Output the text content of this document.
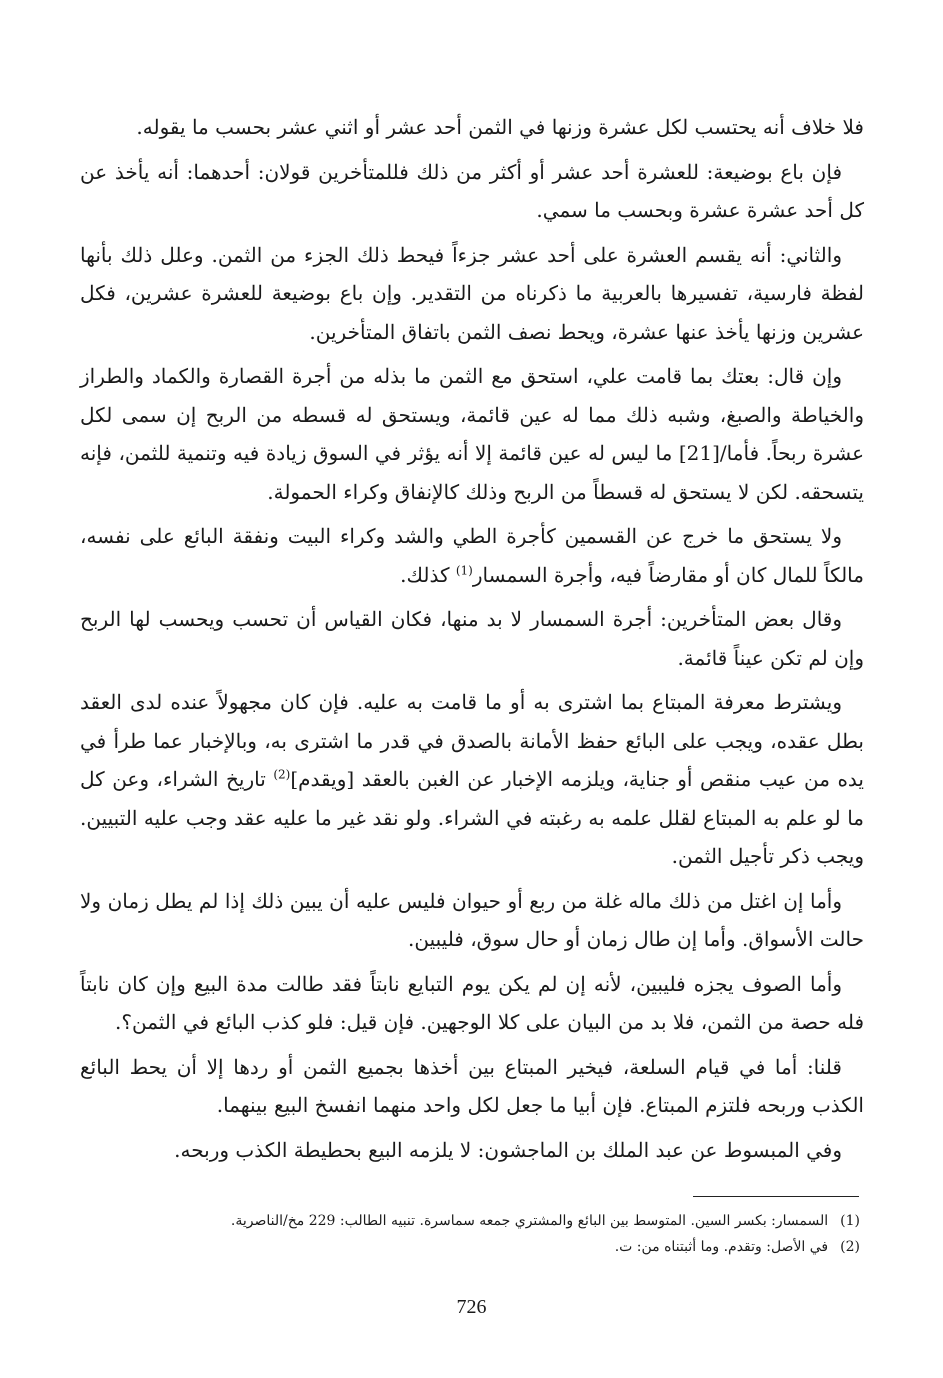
فلا خلاف أنه يحتسب لكل عشرة وزنها في الثمن أحد عشر أو اثني عشر بحسب ما يقوله.

فإن باع بوضيعة: للعشرة أحد عشر أو أكثر من ذلك فللمتأخرين قولان: أحدهما: أنه يأخذ عن كل أحد عشرة عشرة وبحسب ما سمي.

والثاني: أنه يقسم العشرة على أحد عشر جزءاً فيحط ذلك الجزء من الثمن. وعلل ذلك بأنها لفظة فارسية، تفسيرها بالعربية ما ذكرناه من التقدير. وإن باع بوضيعة للعشرة عشرين، فكل عشرين وزنها يأخذ عنها عشرة، ويحط نصف الثمن باتفاق المتأخرين.

وإن قال: بعتك بما قامت علي، استحق مع الثمن ما بذله من أجرة القصارة والكماد والطراز والخياطة والصبغ، وشبه ذلك مما له عين قائمة، ويستحق له قسطه من الربح إن سمى لكل عشرة ربحاً. فأما/[21] ما ليس له عين قائمة إلا أنه يؤثر في السوق زيادة فيه وتنمية للثمن، فإنه يتسحقه. لكن لا يستحق له قسطاً من الربح وذلك كالإنفاق وكراء الحمولة.

ولا يستحق ما خرج عن القسمين كأجرة الطي والشد وكراء البيت ونفقة البائع على نفسه، مالكاً للمال كان أو مقارضاً فيه، وأجرة السمسار$^{(1)}$ كذلك.

وقال بعض المتأخرين: أجرة السمسار لا بد منها، فكان القياس أن تحسب ويحسب لها الربح وإن لم تكن عيناً قائمة.

ويشترط معرفة المبتاع بما اشترى به أو ما قامت به عليه. فإن كان مجهولاً عنده لدى العقد بطل عقده، ويجب على البائع حفظ الأمانة بالصدق في قدر ما اشترى به، وبالإخبار عما طرأ في يده من عيب منقص أو جناية، ويلزمه الإخبار عن الغبن بالعقد [ويقدم]$^{(2)}$ تاريخ الشراء، وعن كل ما لو علم به المبتاع لقلل علمه به رغبته في الشراء. ولو نقد غير ما عليه عقد وجب عليه التبيين. ويجب ذكر تأجيل الثمن.

وأما إن اغتل من ذلك ماله غلة من ربع أو حيوان فليس عليه أن يبين ذلك إذا لم يطل زمان ولا حالت الأسواق. وأما إن طال زمان أو حال سوق، فليبين.

وأما الصوف يجزه فليبين، لأنه إن لم يكن يوم التبايع نابتاً فقد طالت مدة البيع وإن كان نابتاً فله حصة من الثمن، فلا بد من البيان على كلا الوجهين. فإن قيل: فلو كذب البائع في الثمن؟.

قلنا: أما في قيام السلعة، فيخير المبتاع بين أخذها بجميع الثمن أو ردها إلا أن يحط البائع الكذب وربحه فلتزم المبتاع. فإن أبيا ما جعل لكل واحد منهما انفسخ البيع بينهما.

وفي المبسوط عن عبد الملك بن الماجشون: لا يلزمه البيع بحطيطة الكذب وربحه.

(1)السمسار: بكسر السين. المتوسط بين البائع والمشتري جمعه سماسرة. تنبيه الطالب: 229 مخ/الناصرية.

(2)في الأصل: وتقدم. وما أثبتناه من: ت.

726
